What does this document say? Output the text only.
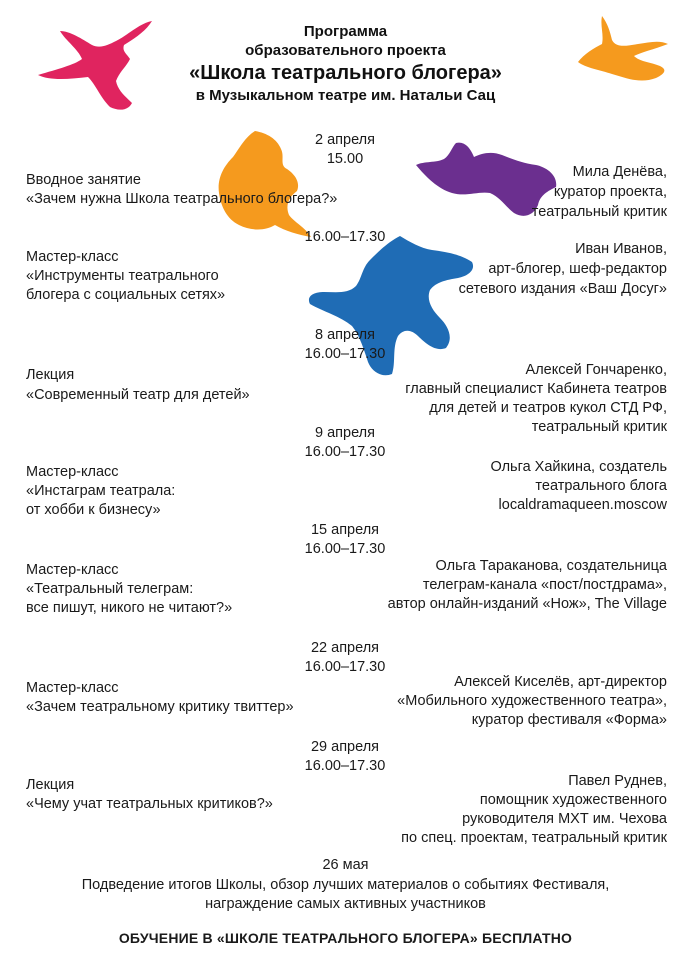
Программа
образовательного проекта
«Школа театрального блогера»
в Музыкальном театре им. Натальи Сац
2 апреля
15.00
Вводное занятие
«Зачем нужна Школа театрального блогера?»
Мила Денёва,
куратор проекта,
театральный критик
16.00–17.30
Мастер-класс
«Инструменты театрального
блогера с социальных сетях»
Иван Иванов,
арт-блогер, шеф-редактор
сетевого издания «Ваш Досуг»
8 апреля
16.00–17.30
Лекция
«Современный театр для детей»
Алексей Гончаренко,
главный специалист Кабинета театров
для детей и театров кукол СТД РФ,
театральный критик
9 апреля
16.00–17.30
Мастер-класс
«Инстаграм театрала:
от хобби к бизнесу»
Ольга Хайкина, создатель
театрального блога
localdramaqueen.moscow
15 апреля
16.00–17.30
Мастер-класс
«Театральный телеграм:
все пишут, никого не читают?»
Ольга Тараканова, создательница
телеграм-канала «пост/постдрама»,
автор онлайн-изданий «Нож», The Village
22 апреля
16.00–17.30
Мастер-класс
«Зачем театральному критику твиттер»
Алексей Киселёв, арт-директор
«Мобильного художественного театра»,
куратор фестиваля «Форма»
29 апреля
16.00–17.30
Лекция
«Чему учат театральных критиков?»
Павел Руднев,
помощник художественного
руководителя МХТ им. Чехова
по спец. проектам, театральный критик
26 мая
Подведение итогов Школы, обзор лучших материалов о событиях Фестиваля,
награждение самых активных участников
ОБУЧЕНИЕ В «ШКОЛЕ ТЕАТРАЛЬНОГО БЛОГЕРА» БЕСПЛАТНО
